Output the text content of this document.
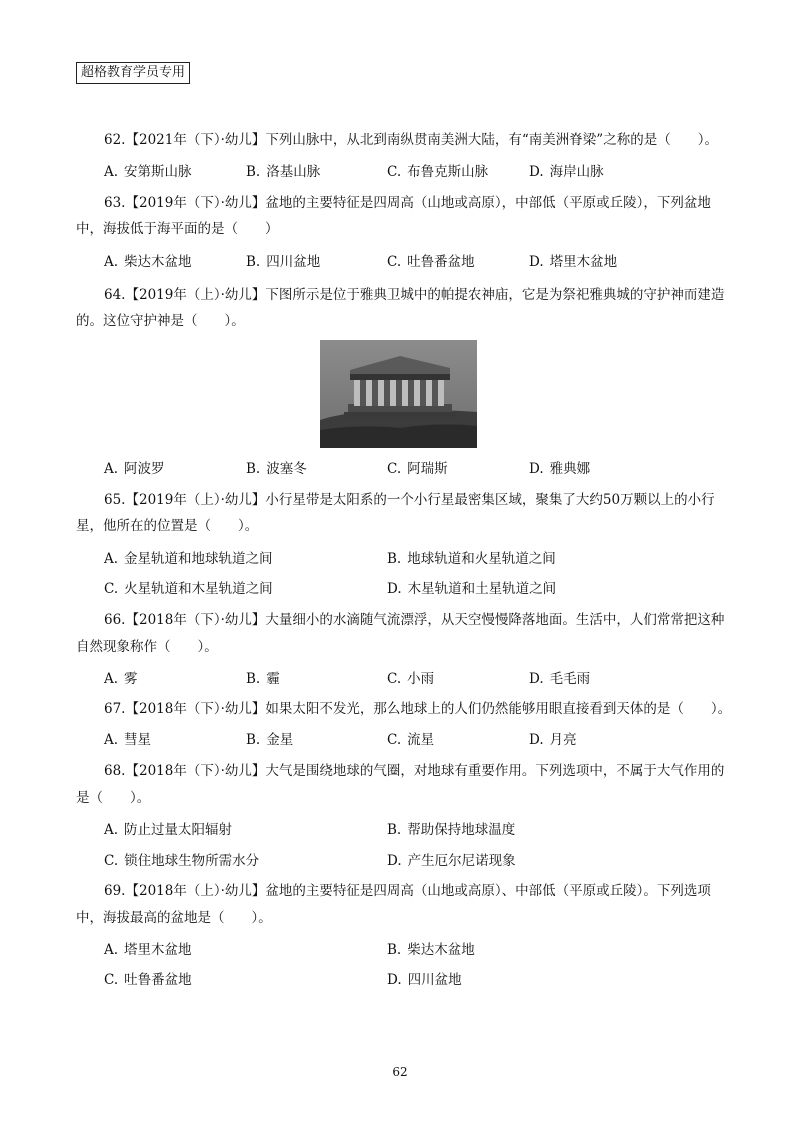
超格教育学员专用
62.【2021年（下）·幼儿】下列山脉中，从北到南纵贯南美洲大陆，有“南美洲脊梁”之称的是（　　）。
A. 安第斯山脉	B. 洛基山脉	C. 布鲁克斯山脉	D. 海岸山脉
63.【2019年（下）·幼儿】盆地的主要特征是四周高（山地或高原），中部低（平原或丘陵），下列盆地
中，海拔低于海平面的是（　　）
A. 柴达木盆地	B. 四川盆地	C. 吐鲁番盆地	D. 塔里木盆地
64.【2019年（上）·幼儿】下图所示是位于雅典卫城中的帕提农神庙，它是为祭祀雅典城的守护神而建造
的。这位守护神是（　　）。
A. 阿波罗	B. 波塞冬	C. 阿瑞斯	D. 雅典娜
65.【2019年（上）·幼儿】小行星带是太阳系的一个小行星最密集区域，聚集了大约50万颗以上的小行
星，他所在的位置是（　　）。
A. 金星轨道和地球轨道之间	B. 地球轨道和火星轨道之间
C. 火星轨道和木星轨道之间	D. 木星轨道和土星轨道之间
66.【2018年（下）·幼儿】大量细小的水滴随气流漂浮，从天空慢慢降落地面。生活中，人们常常把这种
自然现象称作（　　）。
A. 雾	B. 霾	C. 小雨	D. 毛毛雨
67.【2018年（下）·幼儿】如果太阳不发光，那么地球上的人们仍然能够用眼直接看到天体的是（　　）。
A. 彗星	B. 金星	C. 流星	D. 月亮
68.【2018年（下）·幼儿】大气是围绕地球的气圈，对地球有重要作用。下列选项中，不属于大气作用的
是（　　）。
A. 防止过量太阳辐射	B. 帮助保持地球温度
C. 锁住地球生物所需水分	D. 产生厄尔尼诺现象
69.【2018年（上）·幼儿】盆地的主要特征是四周高（山地或高原）、中部低（平原或丘陵）。下列选项
中，海拔最高的盆地是（　　）。
A. 塔里木盆地	B. 柴达木盆地
C. 吐鲁番盆地	D. 四川盆地
62
